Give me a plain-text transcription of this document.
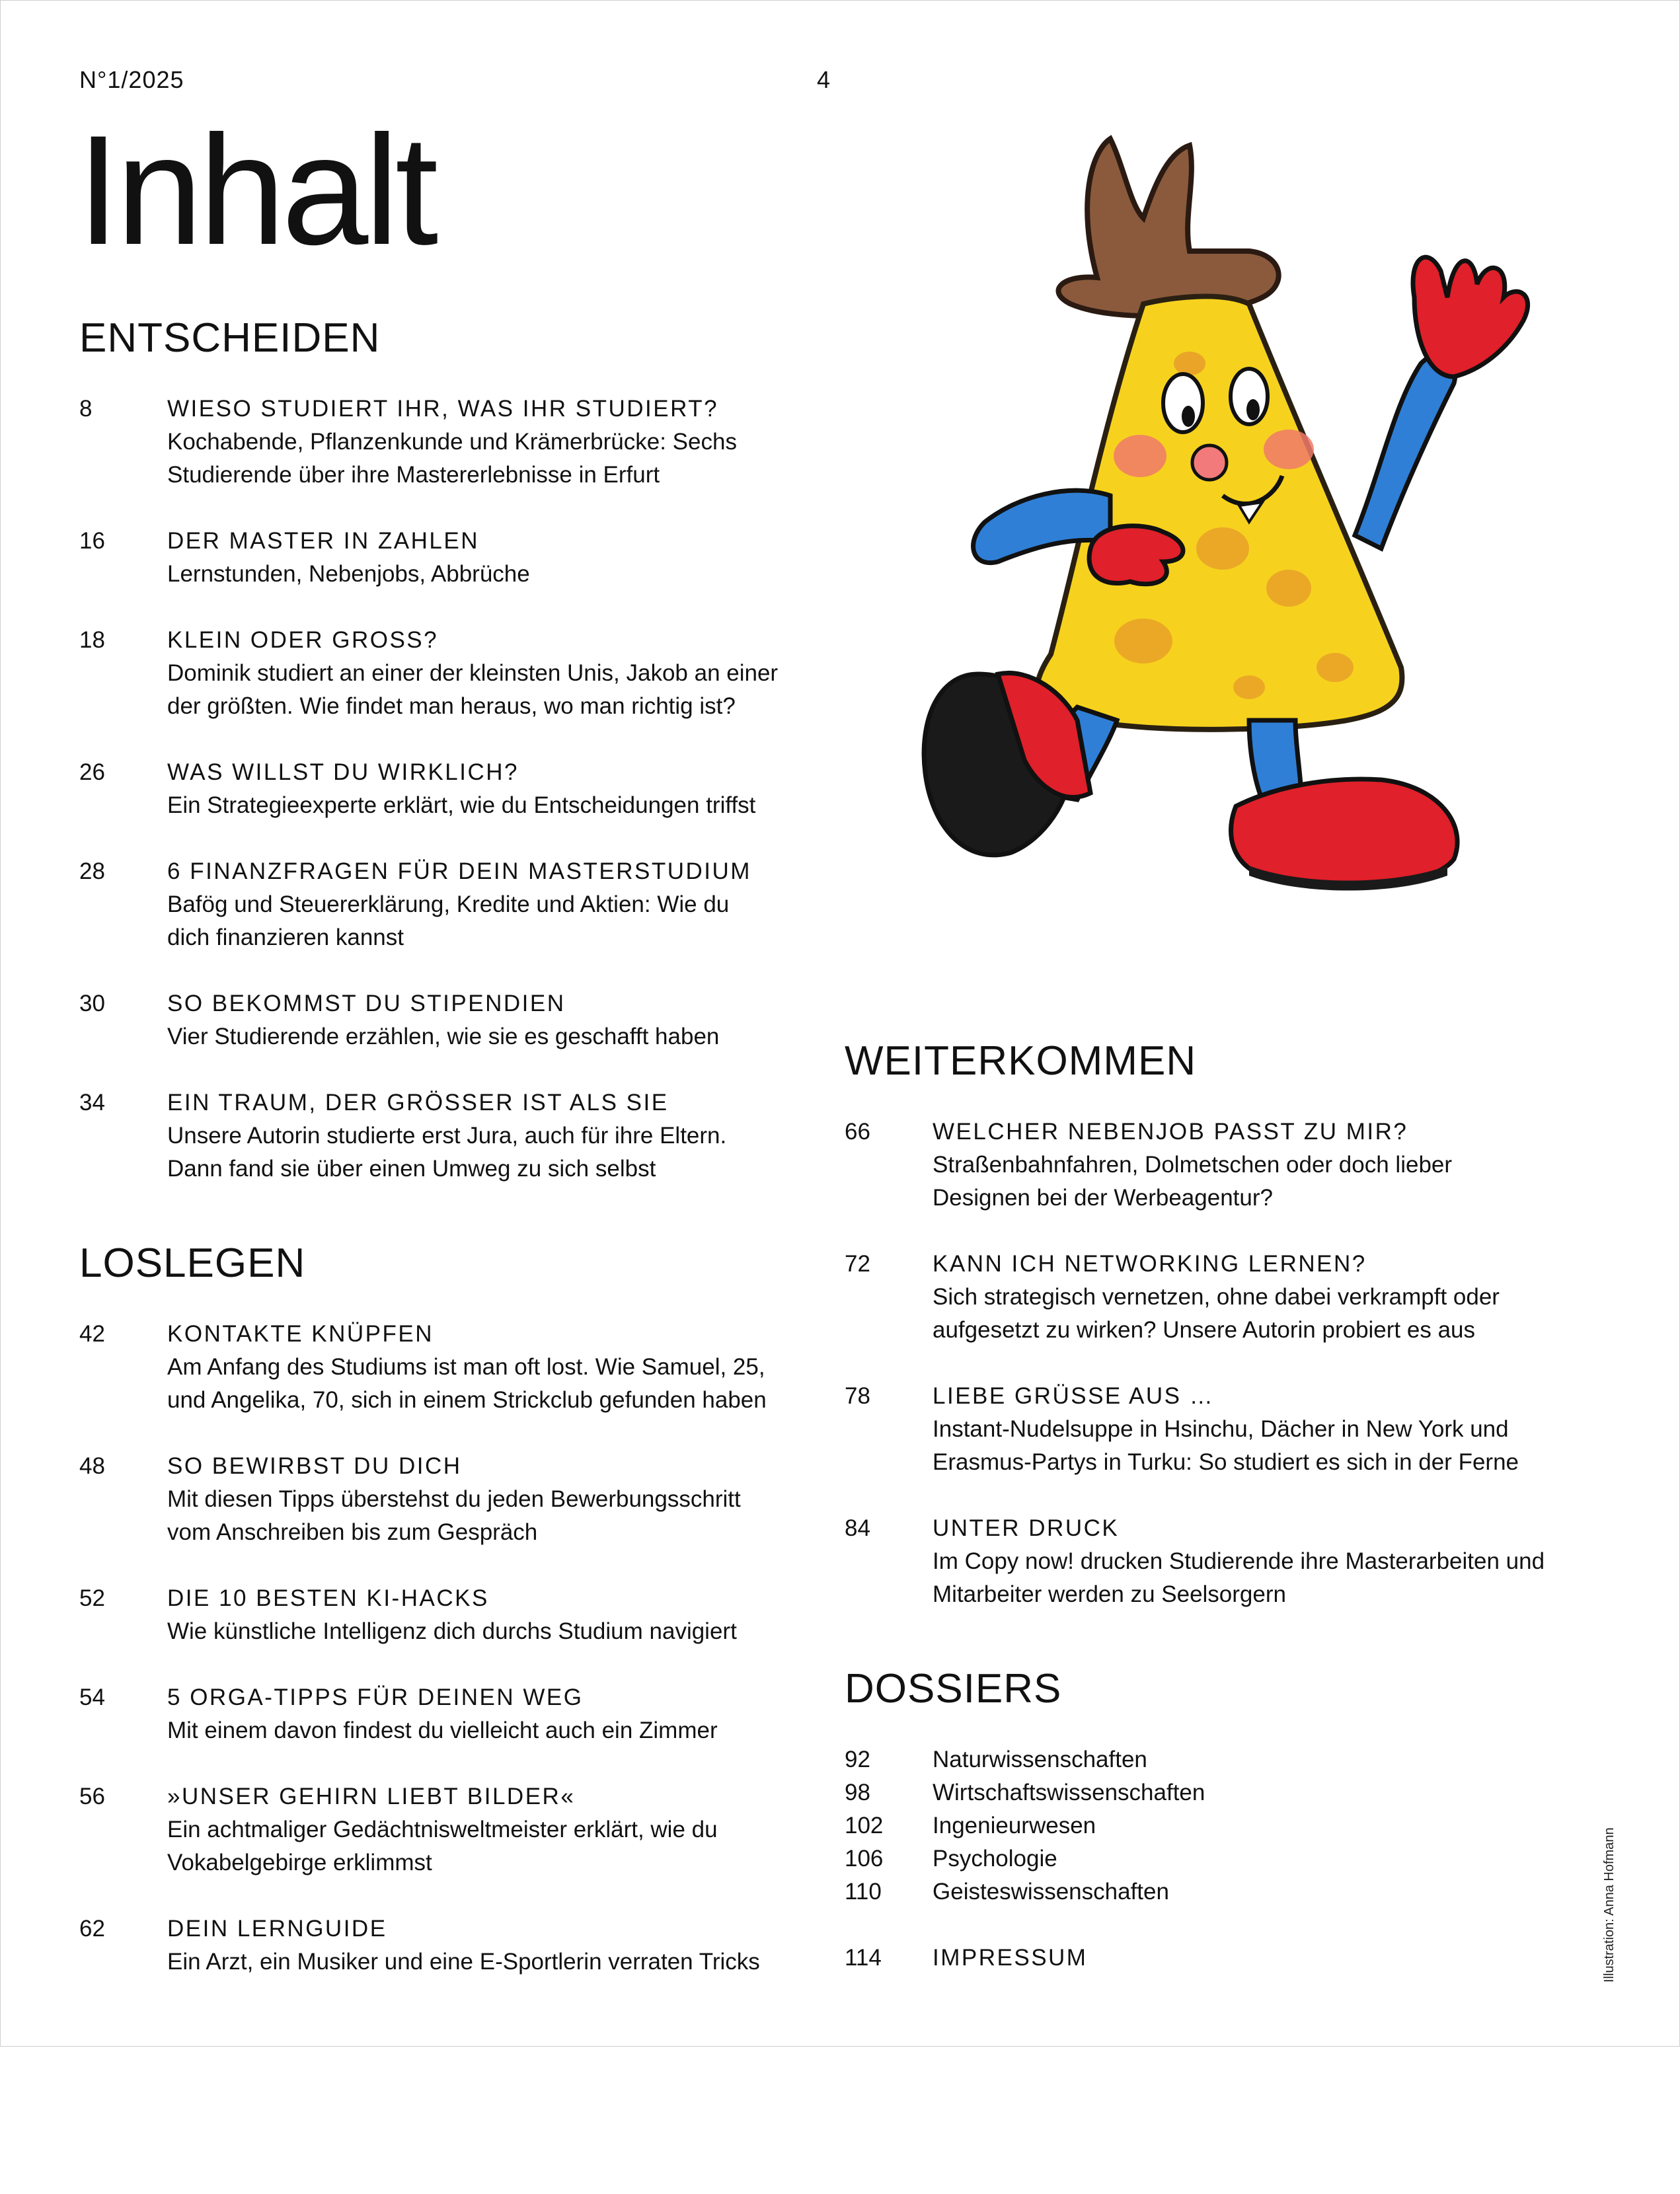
N°1/2025	4
Inhalt
ENTSCHEIDEN
8	WIESO STUDIERT IHR, WAS IHR STUDIERT?
Kochabende, Pflanzenkunde und Krämerbrücke: Sechs
Studierende über ihre Mastererlebnisse in Erfurt
16	DER MASTER IN ZAHLEN
Lernstunden, Nebenjobs, Abbrüche
18	KLEIN ODER GROSS?
Dominik studiert an einer der kleinsten Unis, Jakob an einer
der größten. Wie findet man heraus, wo man richtig ist?
26	WAS WILLST DU WIRKLICH?
Ein Strategieexperte erklärt, wie du Entscheidungen triffst
28	6 FINANZFRAGEN FÜR DEIN MASTERSTUDIUM
Bafög und Steuererklärung, Kredite und Aktien: Wie du
dich finanzieren kannst
30	SO BEKOMMST DU STIPENDIEN
Vier Studierende erzählen, wie sie es geschafft haben
34	EIN TRAUM, DER GRÖSSER IST ALS SIE
Unsere Autorin studierte erst Jura, auch für ihre Eltern.
Dann fand sie über einen Umweg zu sich selbst
LOSLEGEN
42	KONTAKTE KNÜPFEN
Am Anfang des Studiums ist man oft lost. Wie Samuel, 25,
und Angelika, 70, sich in einem Strickclub gefunden haben
48	SO BEWIRBST DU DICH
Mit diesen Tipps überstehst du jeden Bewerbungsschritt
vom Anschreiben bis zum Gespräch
52	DIE 10 BESTEN KI-HACKS
Wie künstliche Intelligenz dich durchs Studium navigiert
54	5 ORGA-TIPPS FÜR DEINEN WEG
Mit einem davon findest du vielleicht auch ein Zimmer
56	»UNSER GEHIRN LIEBT BILDER«
Ein achtmaliger Gedächtnisweltmeister erklärt, wie du
Vokabelgebirge erklimmst
62	DEIN LERNGUIDE
Ein Arzt, ein Musiker und eine E-Sportlerin verraten Tricks
WEITERKOMMEN
66	WELCHER NEBENJOB PASST ZU MIR?
Straßenbahnfahren, Dolmetschen oder doch lieber
Designen bei der Werbeagentur?
72	KANN ICH NETWORKING LERNEN?
Sich strategisch vernetzen, ohne dabei verkrampft oder
aufgesetzt zu wirken? Unsere Autorin probiert es aus
78	LIEBE GRÜSSE AUS …
Instant-Nudelsuppe in Hsinchu, Dächer in New York und
Erasmus-Partys in Turku: So studiert es sich in der Ferne
84	UNTER DRUCK
Im Copy now! drucken Studierende ihre Masterarbeiten und
Mitarbeiter werden zu Seelsorgern
DOSSIERS
92	Naturwissenschaften
98	Wirtschaftswissenschaften
102	Ingenieurwesen
106	Psychologie
110	Geisteswissenschaften
114	IMPRESSUM	Illustration: Anna Hofmann
